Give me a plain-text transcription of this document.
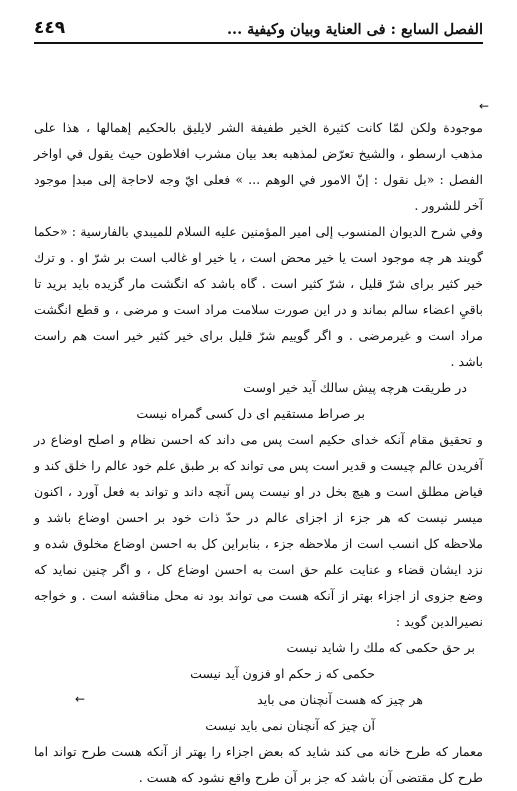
٤٤٩	الفصل السابع : فى العناية وبيان وكيفية ...
←

موجودة ولكن لمّا كانت كثيرة الخير طفيفة الشر لايليق بالحكيم إهمالها ، هذا على مذهب ارسطو ، والشيخ تعرّض لمذهبه بعد بيان مشرب افلاطون حيث يقول في اواخر الفصل : «بل نقول : إنّ الامور في الوهم ... » فعلى ايّ وجه لاحاجة إلى مبدإ موجود آخر للشرور .

وفي شرح الديوان المنسوب إلى امير المؤمنين عليه السلام للميبدي بالفارسية : «حكما گويند هر چه موجود است يا خير محض است ، يا خير او غالب است بر شرّ او . و ترك خير كثير براى شرّ قليل ، شرّ كثير است . گاه باشد كه انگشت مار گزيده بايد بريد تا باقيِ اعضاء سالم بماند و در اين صورت سلامت مراد است و مرضى ، و قطع انگشت مراد است و غيرمرضى . و اگر گوييم شرّ قليل براى خير كثير خير است هم راست باشد .

در طريقت هرچه پيش سالك آيد خير اوست

بر صراط مستقيم اى دل كسى گمراه نيست

و تحقيق مقام آنكه خداى حكيم است پس مى داند كه احسن نظام و اصلح اوضاع در آفريدن عالم چيست و قدير است پس مى تواند كه بر طبق علم خود عالم را خلق كند و فياض مطلق است و هيچ بخل در او نيست پس آنچه داند و تواند به فعل آورد ، اكنون ميسر نيست كه هر جزء از اجزاى عالم در حدّ ذات خود بر احسن اوضاع باشد و ملاحظه كل انسب است از ملاحظه جزء ، بنابراين كل به احسن اوضاع مخلوق شده و نزد ايشان قضاء و عنايت علم حق است به احسن اوضاع كل ، و اگر چنين نمايد كه وضع جزوى از اجزاء بهتر از آنكه هست مى تواند بود نه محل مناقشه است . و خواجه نصيرالدين گويد :

بر حق حكمى كه ملك را شايد نيست
حكمى كه ز حكم او فزون آيد نيست
هر چيز كه هست آنچنان مى بايد
آن چيز كه آنچنان نمى بايد نيست

معمار كه طرح خانه مى كند شايد كه بعض اجزاء را بهتر از آنكه هست طرح تواند اما طرح كل مقتضى آن باشد كه جز بر آن طرح واقع نشود كه هست .

←
